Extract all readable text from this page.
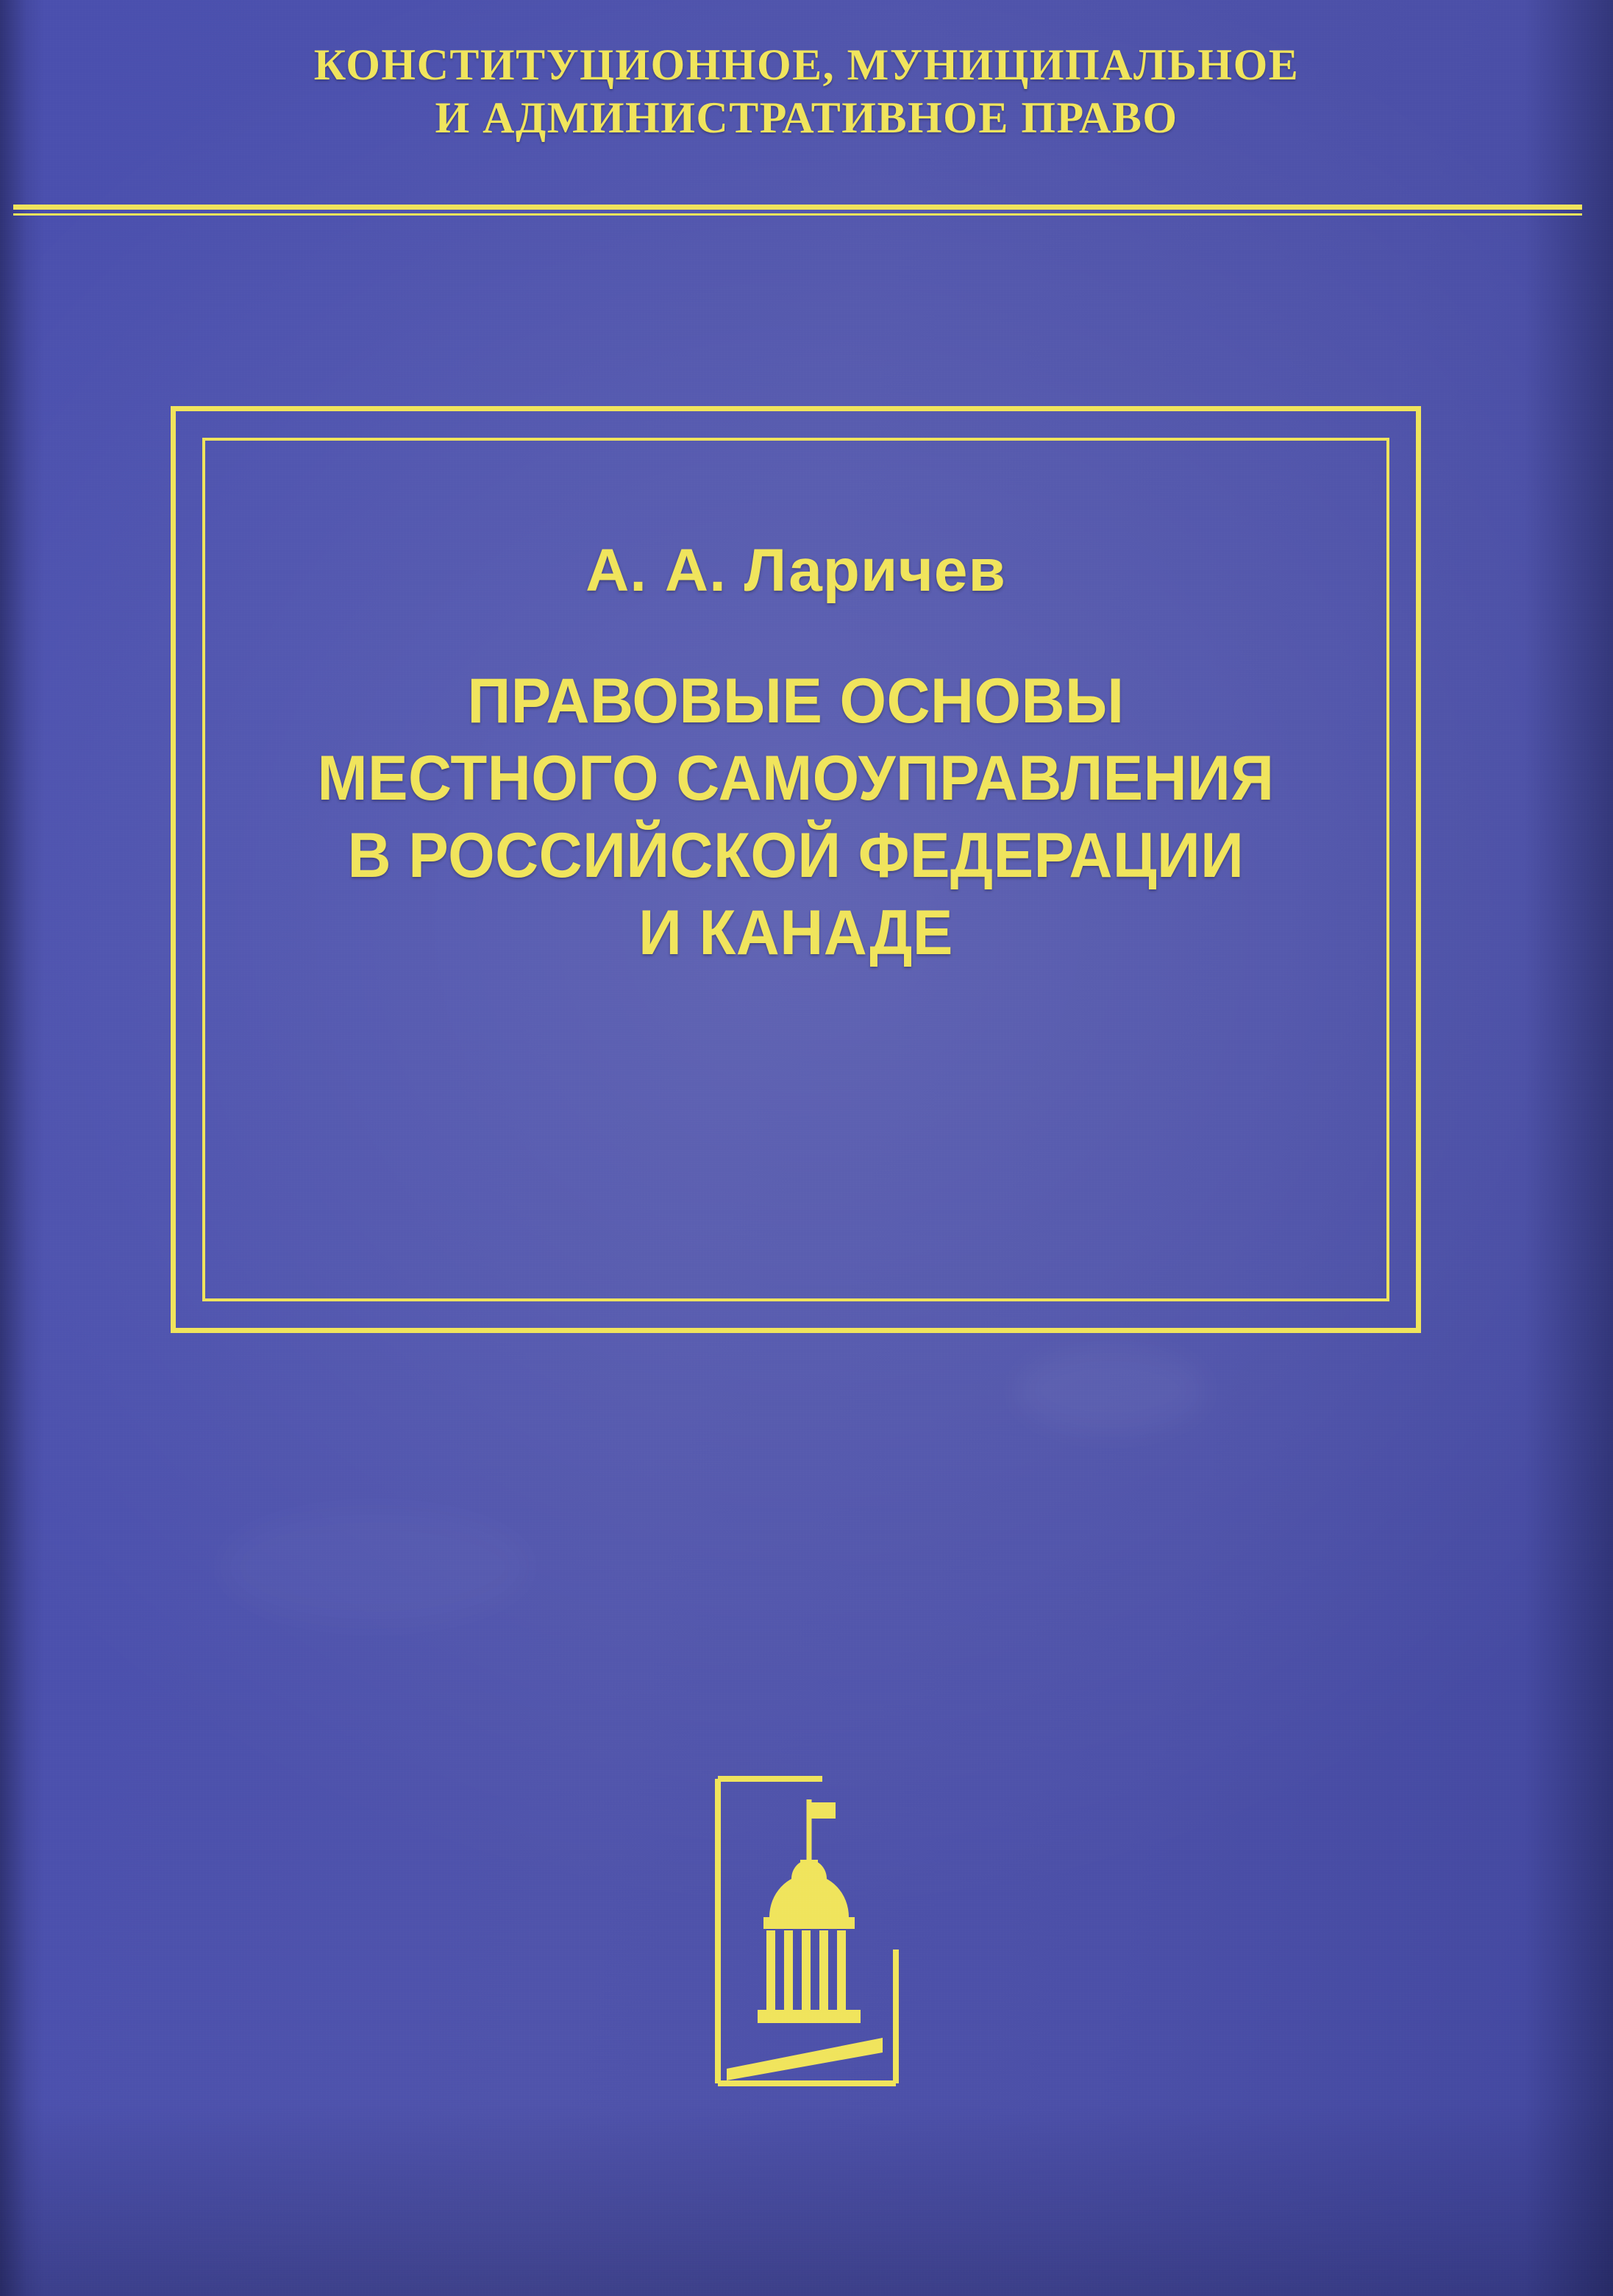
КОНСТИТУЦИОННОЕ, МУНИЦИПАЛЬНОЕ
И АДМИНИСТРАТИВНОЕ ПРАВО
А. А. Ларичев
ПРАВОВЫЕ ОСНОВЫ
МЕСТНОГО САМОУПРАВЛЕНИЯ
В РОССИЙСКОЙ ФЕДЕРАЦИИ
И КАНАДЕ
